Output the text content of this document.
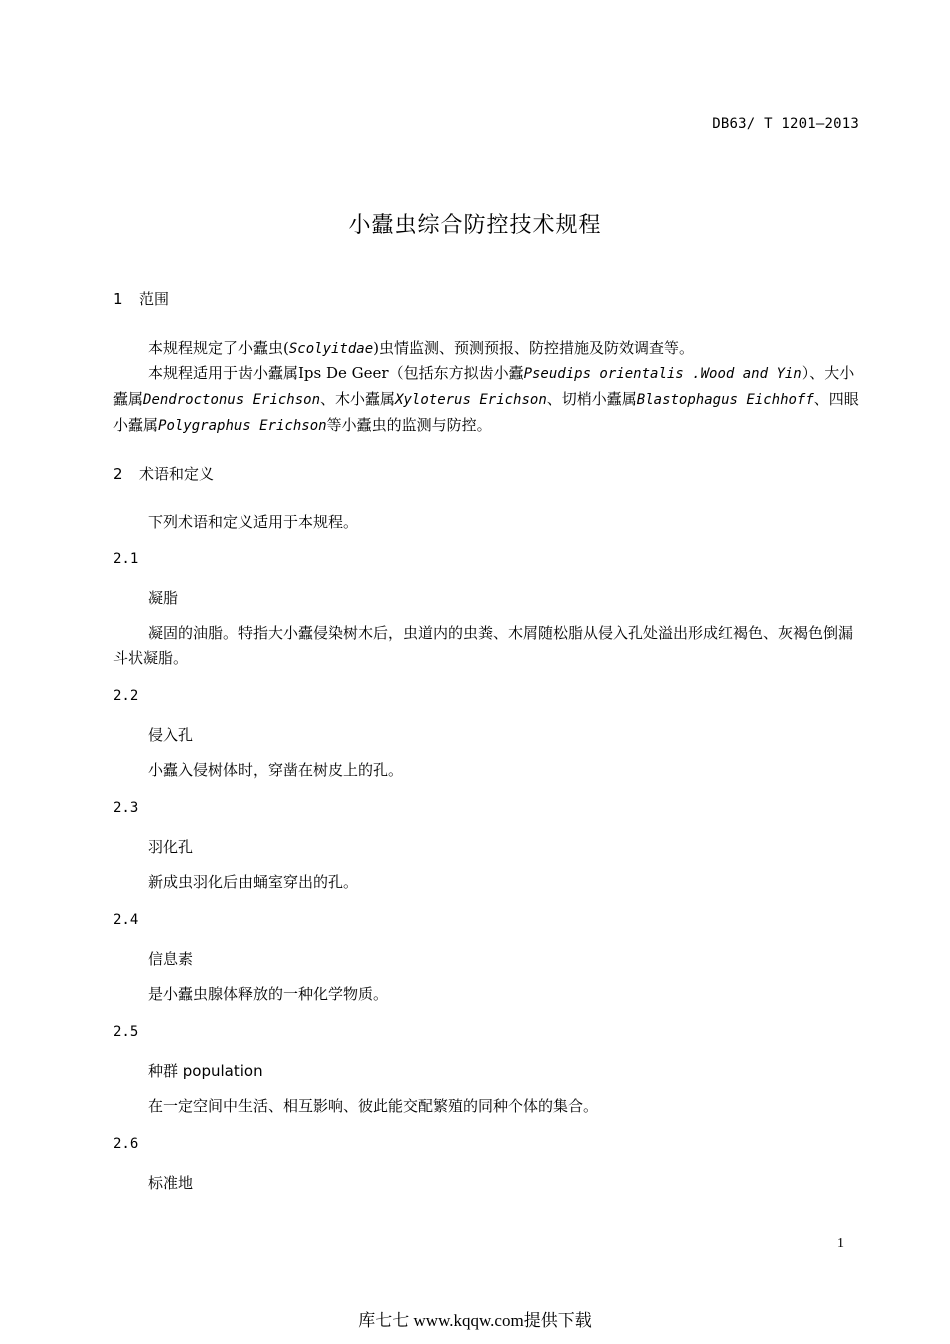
DB63/ T 1201—2013
小蠹虫综合防控技术规程
1 范围
本规程规定了小蠹虫(Scolyitdae)虫情监测、预测预报、防控措施及防效调查等。
本规程适用于齿小蠹属Ips De Geer（包括东方拟齿小蠹Pseudips orientalis .Wood and Yin）、大小蠹属Dendroctonus Erichson、木小蠹属Xyloterus Erichson、切梢小蠹属Blastophagus Eichhoff、四眼小蠹属Polygraphus Erichson等小蠹虫的监测与防控。
2 术语和定义
下列术语和定义适用于本规程。
2.1
凝脂
凝固的油脂。特指大小蠹侵染树木后，虫道内的虫粪、木屑随松脂从侵入孔处溢出形成红褐色、灰褐色倒漏斗状凝脂。
2.2
侵入孔
小蠹入侵树体时，穿凿在树皮上的孔。
2.3
羽化孔
新成虫羽化后由蛹室穿出的孔。
2.4
信息素
是小蠹虫腺体释放的一种化学物质。
2.5
种群 population
在一定空间中生活、相互影响、彼此能交配繁殖的同种个体的集合。
2.6
标准地
1
库七七 www.kqqw.com提供下载
